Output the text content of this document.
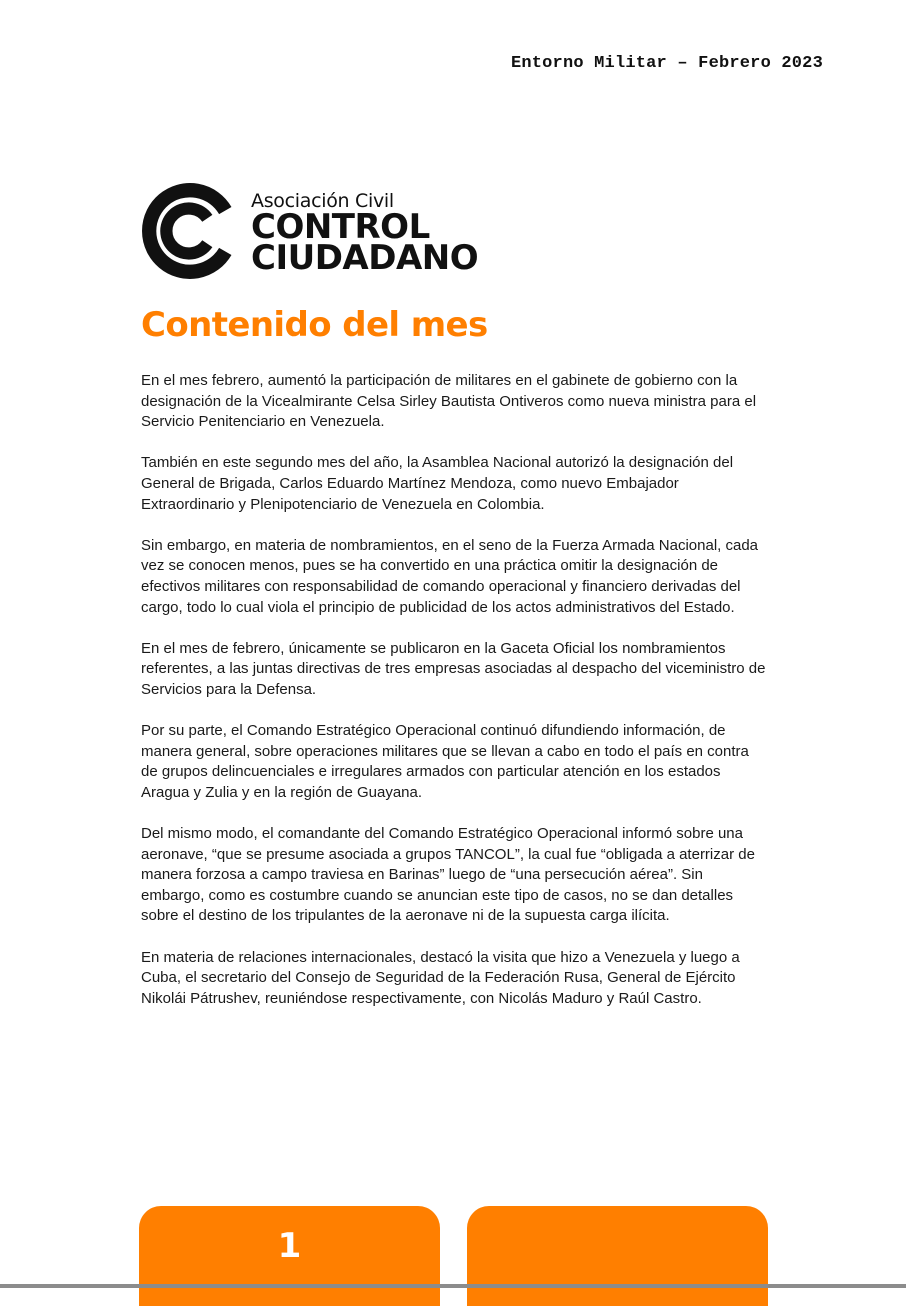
Entorno Militar – Febrero 2023
Asociación Civil
CONTROL
CIUDADANO
Contenido del mes

En el mes febrero, aumentó la participación de militares en el gabinete de gobierno con la designación de la Vicealmirante Celsa Sirley Bautista Ontiveros como nueva ministra para el Servicio Penitenciario en Venezuela.

También en este segundo mes del año, la Asamblea Nacional autorizó la designación del General de Brigada, Carlos Eduardo Martínez Mendoza, como nuevo Embajador Extraordinario y Plenipotenciario de Venezuela en Colombia.

Sin embargo, en materia de nombramientos, en el seno de la Fuerza Armada Nacional, cada vez se conocen menos, pues se ha convertido en una práctica omitir la designación de efectivos militares con responsabilidad de comando operacional y financiero derivadas del cargo, todo lo cual viola el principio de publicidad de los actos administrativos del Estado.

En el mes de febrero, únicamente se publicaron en la Gaceta Oficial los nombramientos referentes, a las juntas directivas de tres empresas asociadas al despacho del viceministro de Servicios para la Defensa.

Por su parte, el Comando Estratégico Operacional continuó difundiendo información, de manera general, sobre operaciones militares que se llevan a cabo en todo el país en contra de grupos delincuenciales e irregulares armados con particular atención en los estados Aragua y Zulia y en la región de Guayana.

Del mismo modo, el comandante del Comando Estratégico Operacional informó sobre una aeronave, “que se presume asociada a grupos TANCOL”, la cual fue “obligada a aterrizar de manera forzosa a campo traviesa en Barinas” luego de “una persecución aérea”. Sin embargo, como es costumbre cuando se anuncian este tipo de casos, no se dan detalles sobre el destino de los tripulantes de la aeronave ni de la supuesta carga ilícita.

En materia de relaciones internacionales, destacó la visita que hizo a Venezuela y luego a Cuba, el secretario del Consejo de Seguridad de la Federación Rusa, General de Ejército Nikolái Pátrushev, reuniéndose respectivamente, con Nicolás Maduro y Raúl Castro.

1
